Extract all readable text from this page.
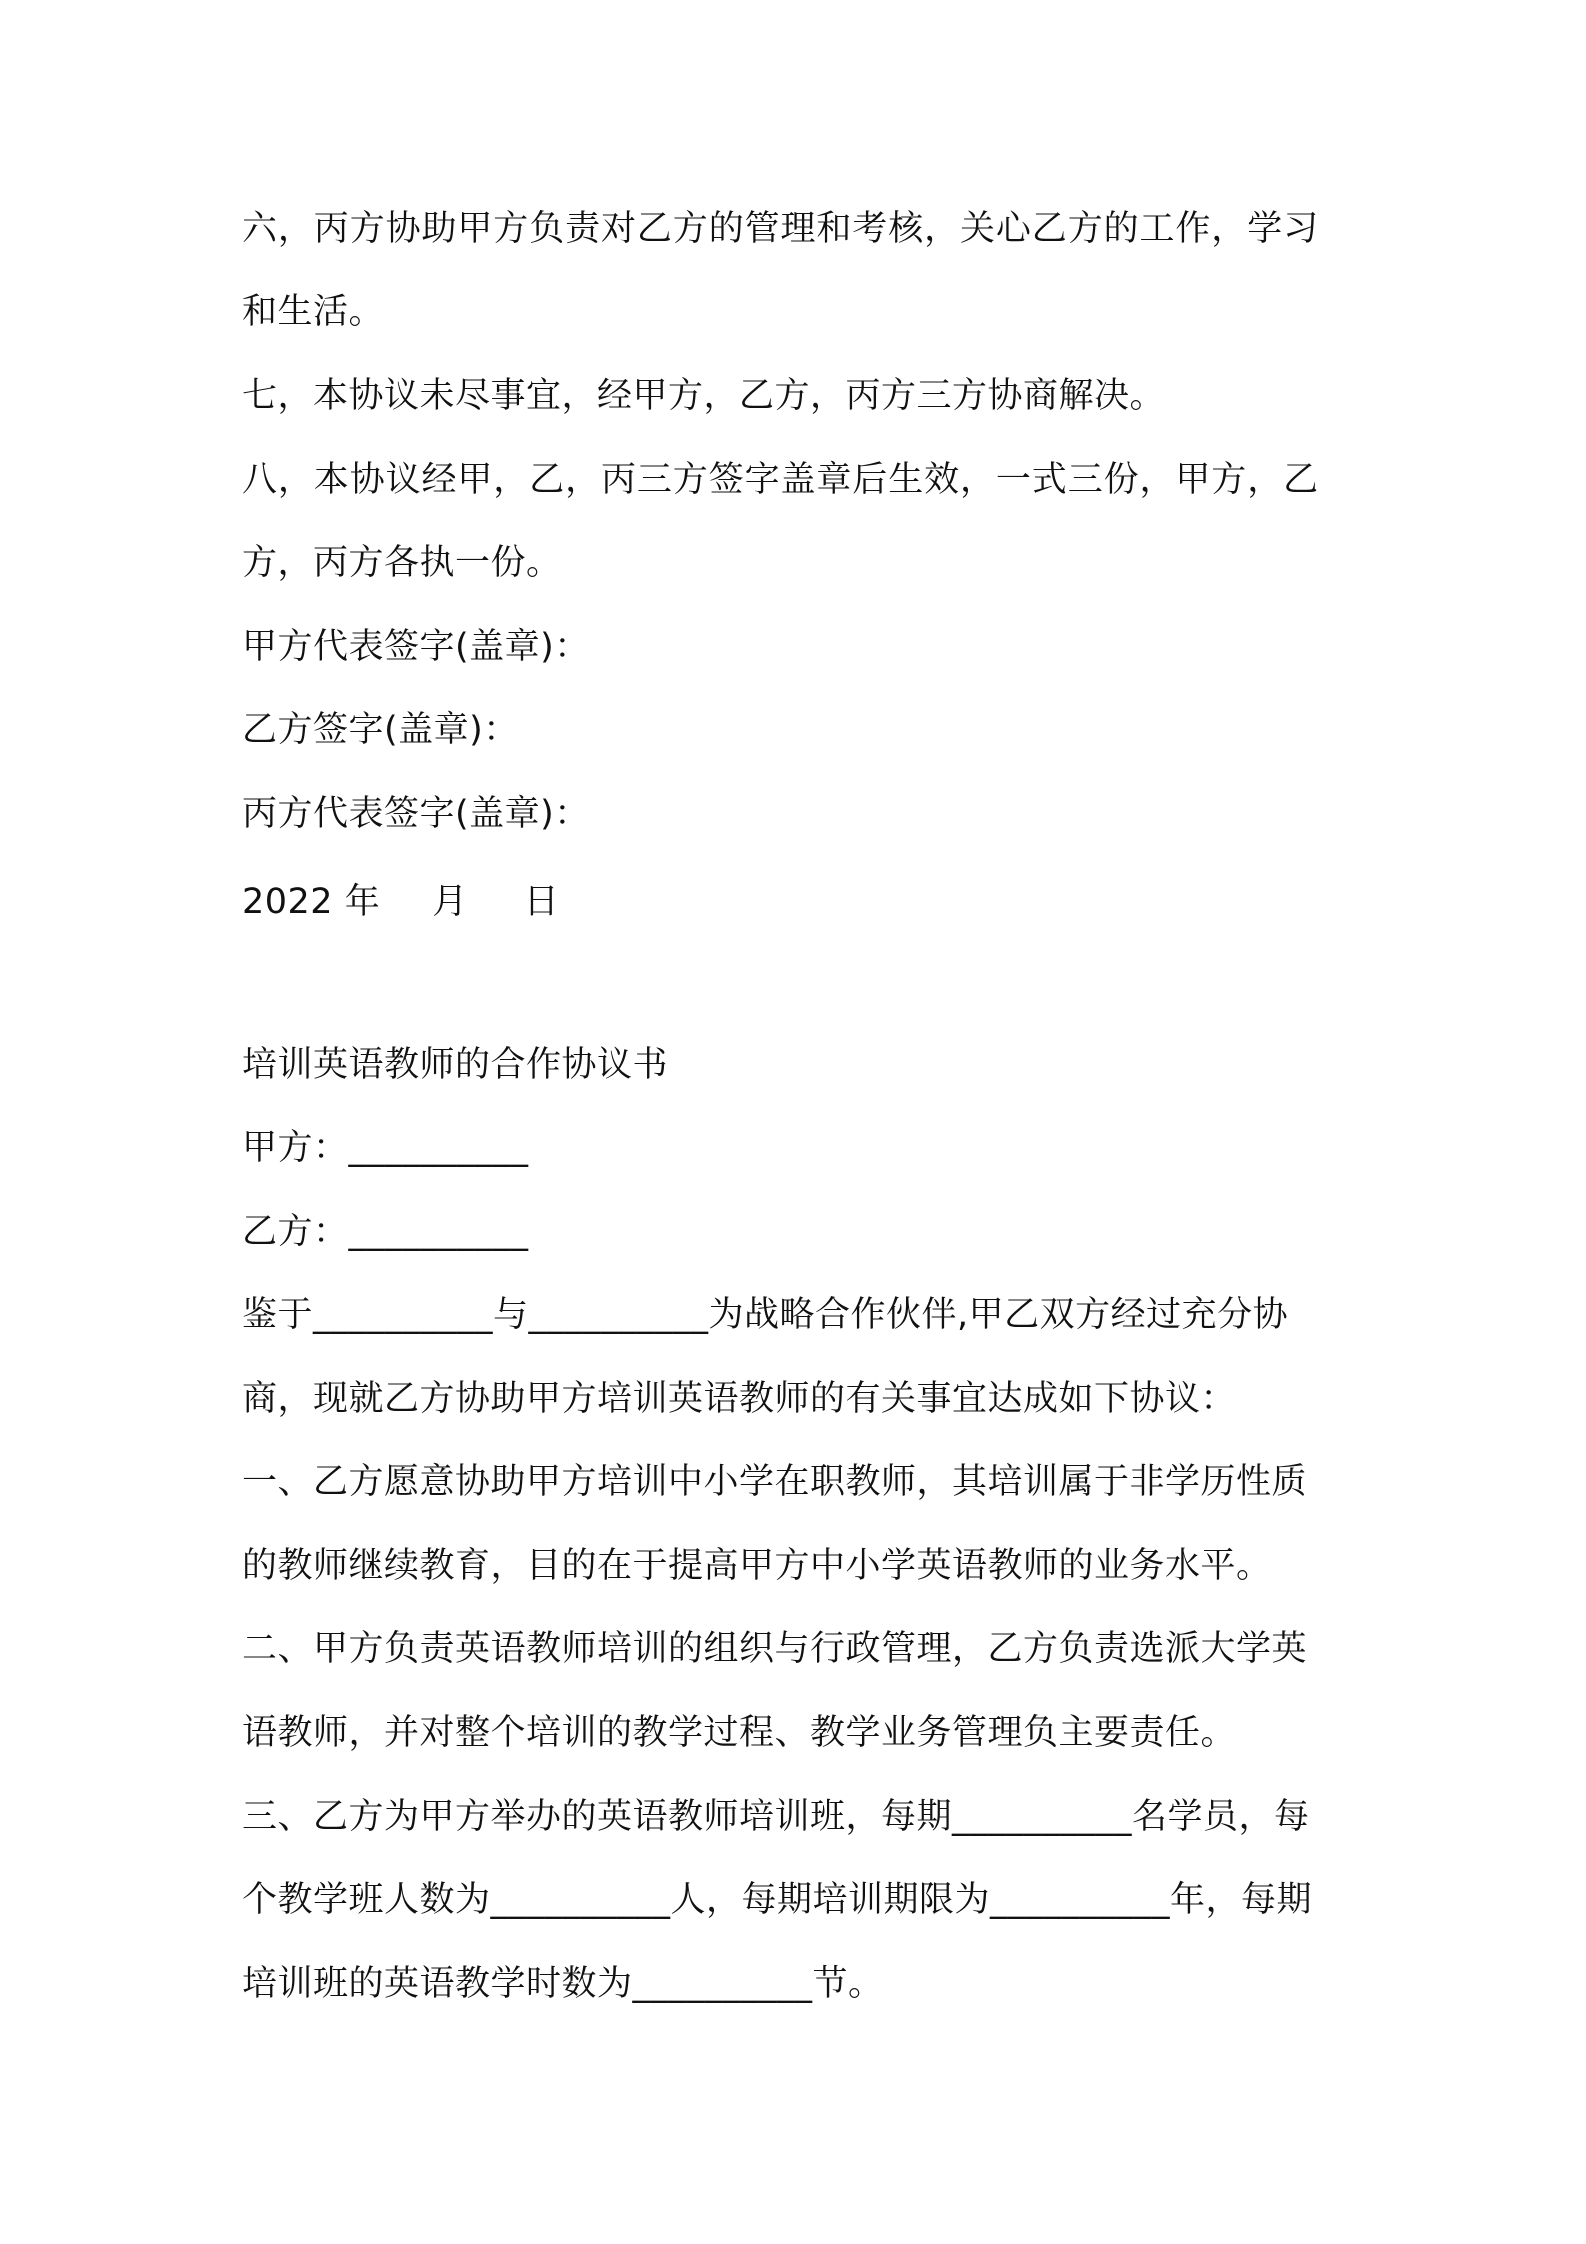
六，丙方协助甲方负责对乙方的管理和考核，关心乙方的工作，学习
和生活。
七，本协议未尽事宜，经甲方，乙方，丙方三方协商解决。
八，本协议经甲，乙，丙三方签字盖章后生效，一式三份，甲方，乙
方，丙方各执一份。
甲方代表签字(盖章)：
乙方签字(盖章)：
丙方代表签字(盖章)：
2022 年 月 日
培训英语教师的合作协议书
甲方：__________
乙方：__________
鉴于__________与__________为战略合作伙伴,甲乙双方经过充分协
商，现就乙方协助甲方培训英语教师的有关事宜达成如下协议：
一、乙方愿意协助甲方培训中小学在职教师，其培训属于非学历性质
的教师继续教育，目的在于提高甲方中小学英语教师的业务水平。
二、甲方负责英语教师培训的组织与行政管理，乙方负责选派大学英
语教师，并对整个培训的教学过程、教学业务管理负主要责任。
三、乙方为甲方举办的英语教师培训班，每期__________名学员，每
个教学班人数为__________人，每期培训期限为__________年，每期
培训班的英语教学时数为__________节。
